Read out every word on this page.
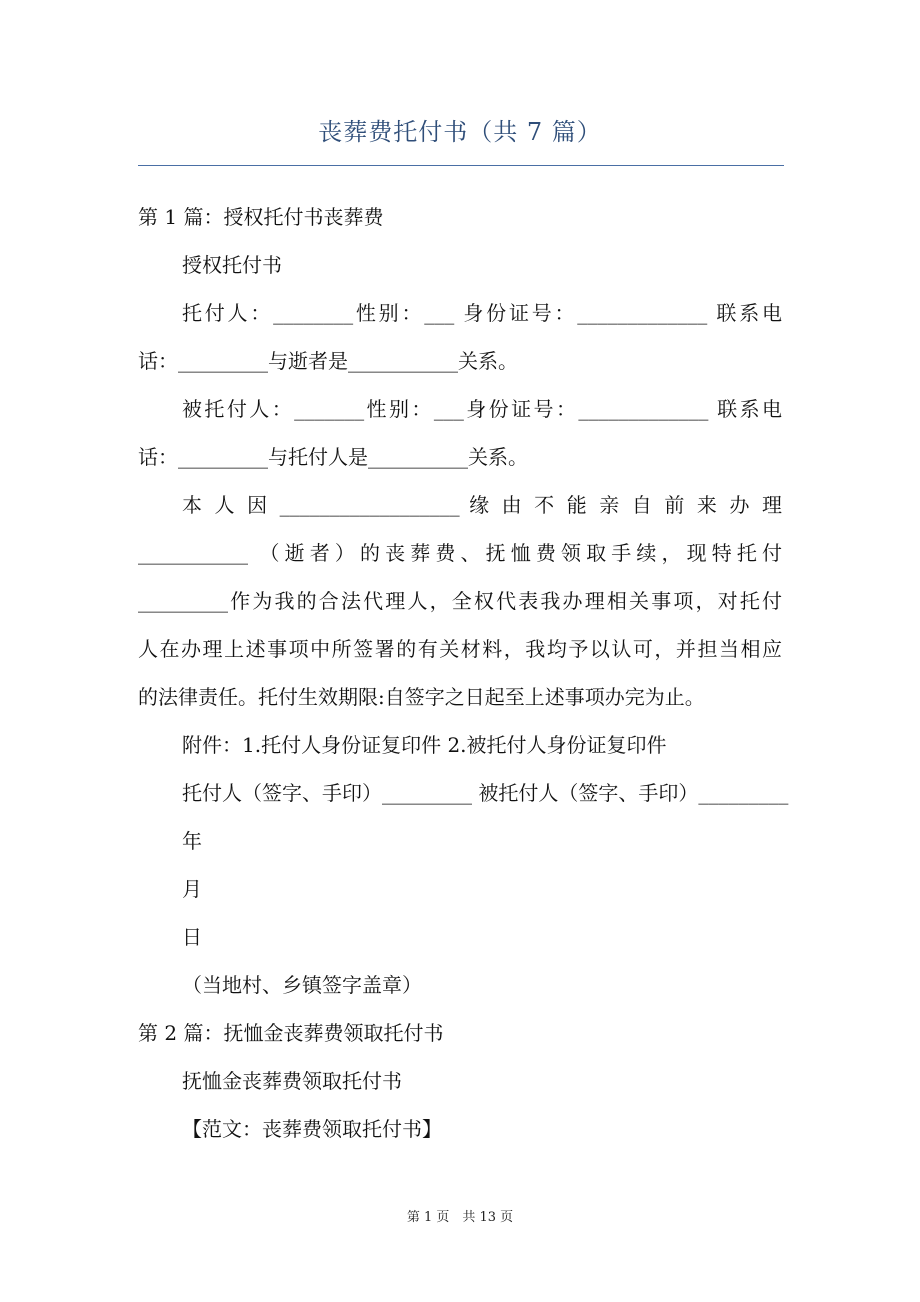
丧葬费托付书（共 7 篇）
第 1 篇：授权托付书丧葬费
授权托付书
托付人：________性别：___ 身份证号：_____________ 联系电
话：_________与逝者是___________关系。
被托付人：_______性别：___身份证号：_____________ 联系电
话：_________与托付人是__________关系。
本 人 因 __________________ 缘 由 不 能 亲 自 前 来 办 理
___________ （逝者）的丧葬费、抚恤费领取手续，现特托付
_________作为我的合法代理人，全权代表我办理相关事项，对托付
人在办理上述事项中所签署的有关材料，我均予以认可，并担当相应
的法律责任。托付生效期限:自签字之日起至上述事项办完为止。
附件：1.托付人身份证复印件 2.被托付人身份证复印件
托付人（签字、手印）_________ 被托付人（签字、手印）_________
年
月
日
（当地村、乡镇签字盖章）
第 2 篇：抚恤金丧葬费领取托付书
抚恤金丧葬费领取托付书
【范文：丧葬费领取托付书】
第 1 页　共 13 页
